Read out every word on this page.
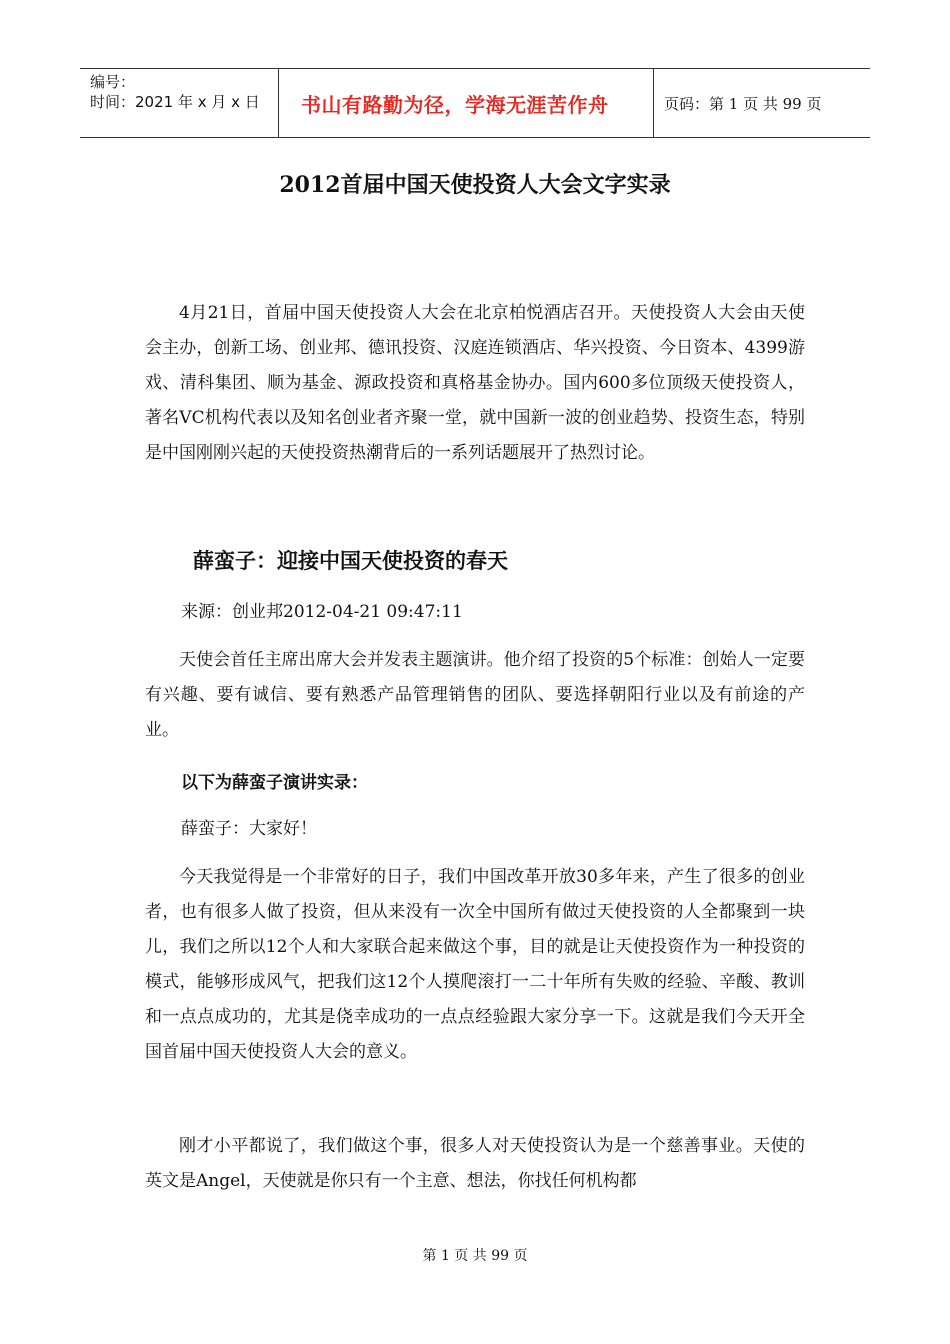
编号：
时间：2021 年 x 月 x 日	书山有路勤为径，学海无涯苦作舟	页码：第 1 页 共 99 页
2012首届中国天使投资人大会文字实录

4月21日，首届中国天使投资人大会在北京柏悦酒店召开。天使投资人大会由天使会主办，创新工场、创业邦、德讯投资、汉庭连锁酒店、华兴投资、今日资本、4399游戏、清科集团、顺为基金、源政投资和真格基金协办。国内600多位顶级天使投资人，著名VC机构代表以及知名创业者齐聚一堂，就中国新一波的创业趋势、投资生态，特别是中国刚刚兴起的天使投资热潮背后的一系列话题展开了热烈讨论。

薛蛮子：迎接中国天使投资的春天
来源：创业邦2012-04-21 09:47:11

天使会首任主席出席大会并发表主题演讲。他介绍了投资的5个标准：创始人一定要有兴趣、要有诚信、要有熟悉产品管理销售的团队、要选择朝阳行业以及有前途的产业。

以下为薛蛮子演讲实录：
薛蛮子：大家好！

今天我觉得是一个非常好的日子，我们中国改革开放30多年来，产生了很多的创业者，也有很多人做了投资，但从来没有一次全中国所有做过天使投资的人全都聚到一块儿，我们之所以12个人和大家联合起来做这个事，目的就是让天使投资作为一种投资的模式，能够形成风气，把我们这12个人摸爬滚打一二十年所有失败的经验、辛酸、教训和一点点成功的，尤其是侥幸成功的一点点经验跟大家分享一下。这就是我们今天开全国首届中国天使投资人大会的意义。

刚才小平都说了，我们做这个事，很多人对天使投资认为是一个慈善事业。天使的英文是Angel，天使就是你只有一个主意、想法，你找任何机构都

第 1 页 共 99 页
